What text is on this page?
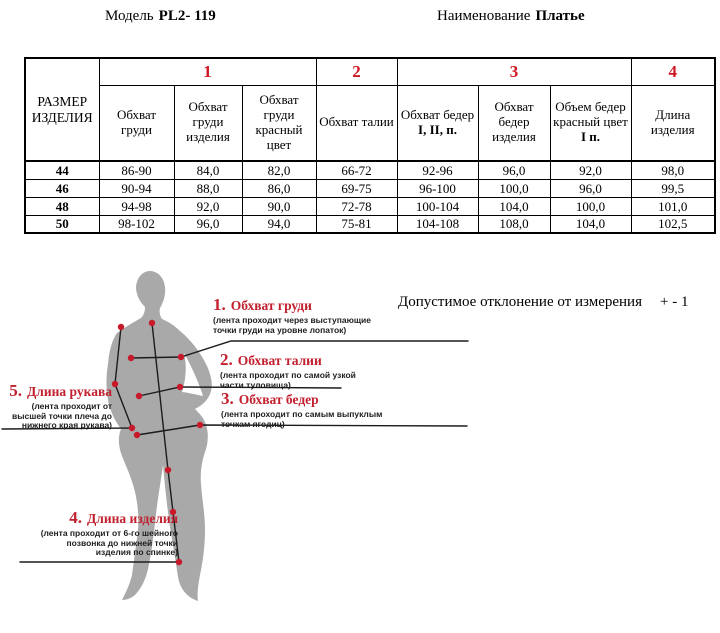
Модель PL2- 119	Наименование Платье
РАЗМЕР ИЗДЕЛИЯ	1			2	3			4
	Обхват груди	Обхват груди изделия	Обхват груди красный цвет	Обхват талии	Обхват бедер I, II, п.	Обхват бедер изделия	Объем бедер красный цвет I п.	Длина изделия
44	86-90	84,0	82,0	66-72	92-96	96,0	92,0	98,0
46	90-94	88,0	86,0	69-75	96-100	100,0	96,0	99,5
48	94-98	92,0	90,0	72-78	100-104	104,0	100,0	101,0
50	98-102	96,0	94,0	75-81	104-108	108,0	104,0	102,5
1. Обхват груди
(лента проходит через выступающие точки груди на уровне лопаток)
2. Обхват талии
(лента проходит по самой узкой части туловища)
3. Обхват бедер
(лента проходит по самым выпуклым точкам ягодиц)
5. Длина рукава
(лента проходит от высшей точки плеча до нижнего края рукава)
4. Длина изделия
(лента проходит от 6-го шейного позвонка до нижней точки изделия по спинке)
Допустимое отклонение от измерения + - 1
